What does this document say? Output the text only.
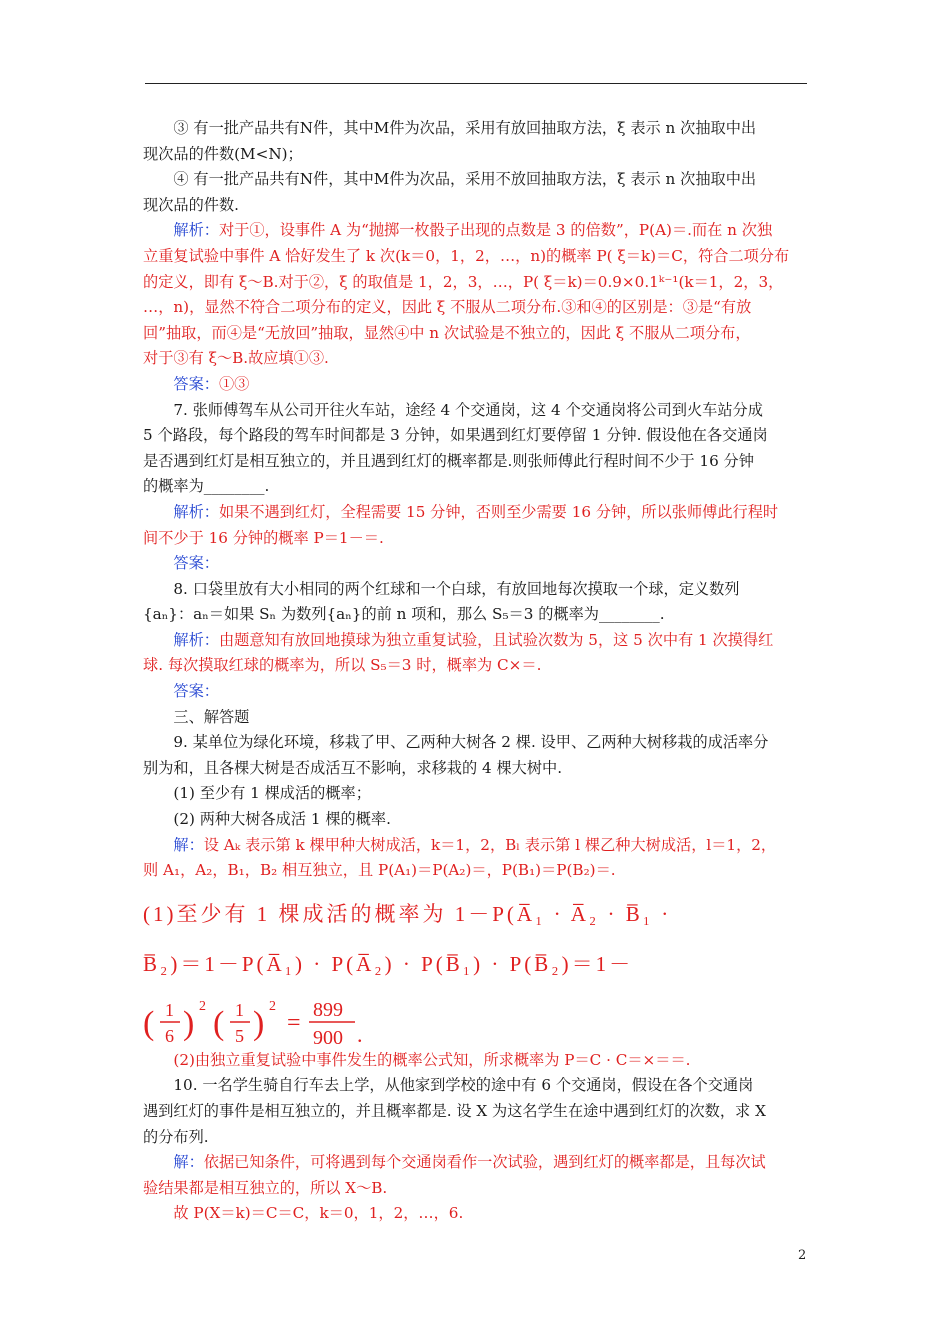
③ 有一批产品共有N件，其中M件为次品，采用有放回抽取方法，ξ 表示 n 次抽取中出

现次品的件数(M<N)；

④ 有一批产品共有N件，其中M件为次品，采用不放回抽取方法，ξ 表示 n 次抽取中出

现次品的件数.

解析：对于①，设事件 A 为“抛掷一枚骰子出现的点数是 3 的倍数”，P(A)＝.而在 n 次独

立重复试验中事件 A 恰好发生了 k 次(k＝0，1，2，…，n)的概率 P( ξ＝k)＝C，符合二项分布

的定义，即有 ξ～B.对于②，ξ 的取值是 1，2，3，…，P( ξ＝k)＝0.9×0.1ᵏ⁻¹(k＝1，2，3，

…，n)，显然不符合二项分布的定义，因此 ξ 不服从二项分布.③和④的区别是：③是“有放

回”抽取，而④是“无放回”抽取，显然④中 n 次试验是不独立的，因此 ξ 不服从二项分布，

对于③有 ξ～B.故应填①③.

答案：①③

7. 张师傅驾车从公司开往火车站，途经 4 个交通岗，这 4 个交通岗将公司到火车站分成

5 个路段，每个路段的驾车时间都是 3 分钟，如果遇到红灯要停留 1 分钟. 假设他在各交通岗

是否遇到红灯是相互独立的，并且遇到红灯的概率都是.则张师傅此行程时间不少于 16 分钟

的概率为________.

解析：如果不遇到红灯，全程需要 15 分钟，否则至少需要 16 分钟，所以张师傅此行程时

间不少于 16 分钟的概率 P＝1－＝.

答案：

8. 口袋里放有大小相同的两个红球和一个白球，有放回地每次摸取一个球，定义数列

{aₙ}：aₙ＝如果 Sₙ 为数列{aₙ}的前 n 项和，那么 S₅＝3 的概率为________.

解析：由题意知有放回地摸球为独立重复试验，且试验次数为 5，这 5 次中有 1 次摸得红

球. 每次摸取红球的概率为，所以 S₅＝3 时，概率为 C×＝.

答案：

三、解答题

9. 某单位为绿化环境，移栽了甲、乙两种大树各 2 棵. 设甲、乙两种大树移栽的成活率分

别为和，且各棵大树是否成活互不影响，求移栽的 4 棵大树中.

(1) 至少有 1 棵成活的概率；

(2) 两种大树各成活 1 棵的概率.

解：设 Aₖ 表示第 k 棵甲种大树成活，k＝1，2，Bₗ 表示第 l 棵乙种大树成活，l＝1，2，

则 A₁，A₂，B₁，B₂ 相互独立，且 P(A₁)＝P(A₂)＝，P(B₁)＝P(B₂)＝.

(1)至少有 1 棵成活的概率为 1－P(A̅₁ · A̅₂ · B̅₁ ·

B̅₂)＝1－P(A̅₁) · P(A̅₂) · P(B̅₁) · P(B̅₂)＝1－

( 1
6 ) 2 ( 1
5 ) 2
= 899
900 .

(2)由独立重复试验中事件发生的概率公式知，所求概率为 P＝C · C＝×＝＝.

10. 一名学生骑自行车去上学，从他家到学校的途中有 6 个交通岗，假设在各个交通岗

遇到红灯的事件是相互独立的，并且概率都是. 设 X 为这名学生在途中遇到红灯的次数，求 X

的分布列.

解：依据已知条件，可将遇到每个交通岗看作一次试验，遇到红灯的概率都是，且每次试

验结果都是相互独立的，所以 X～B.

故 P(X＝k)＝C＝C，k＝0，1，2，…，6.

2
